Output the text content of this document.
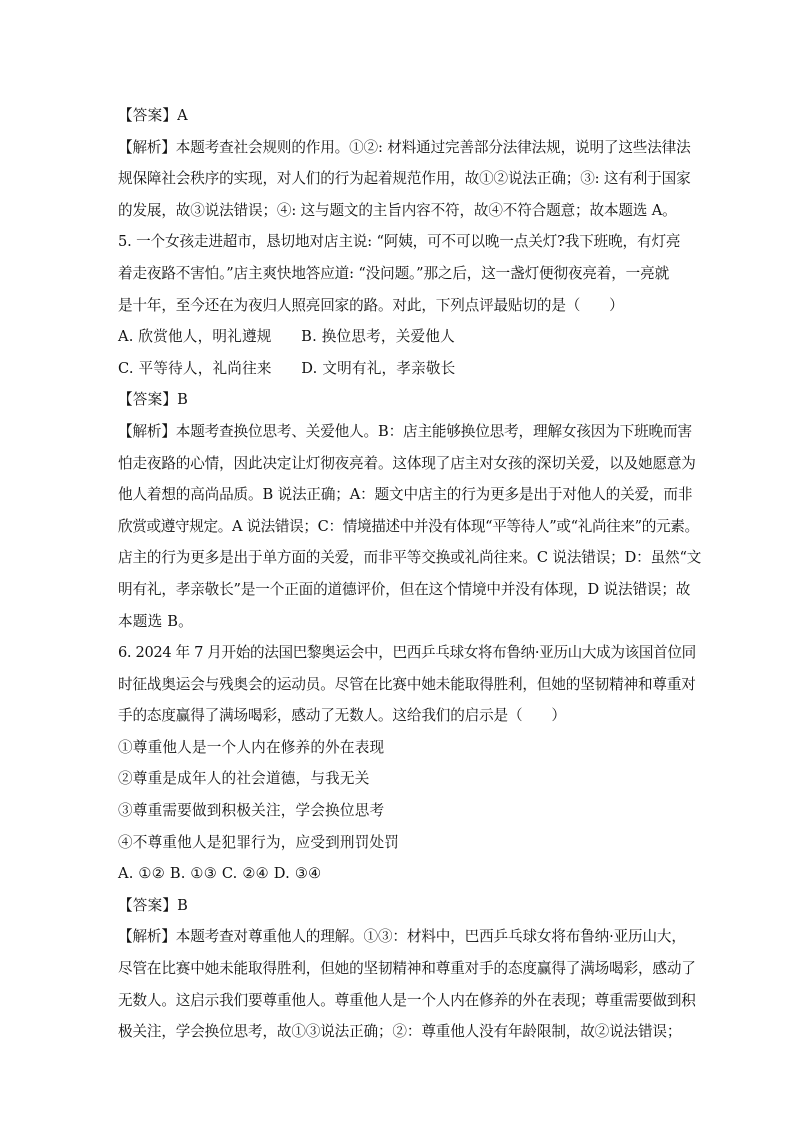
【答案】A
【解析】本题考查社会规则的作用。①②: 材料通过完善部分法律法规，说明了这些法律法
规保障社会秩序的实现，对人们的行为起着规范作用，故①②说法正确；③: 这有利于国家
的发展，故③说法错误；④: 这与题文的主旨内容不符，故④不符合题意；故本题选 A。
5. 一个女孩走进超市，恳切地对店主说: “阿姨，可不可以晚一点关灯?我下班晚，有灯亮
着走夜路不害怕。”店主爽快地答应道: “没问题。”那之后，这一盏灯便彻夜亮着，一亮就
是十年，至今还在为夜归人照亮回家的路。对此，下列点评最贴切的是（　　）
A. 欣赏他人，明礼遵规　　B. 换位思考，关爱他人
C. 平等待人，礼尚往来　　D. 文明有礼，孝亲敬长
【答案】B
【解析】本题考查换位思考、关爱他人。B：店主能够换位思考，理解女孩因为下班晚而害
怕走夜路的心情，因此决定让灯彻夜亮着。这体现了店主对女孩的深切关爱，以及她愿意为
他人着想的高尚品质。B 说法正确；A：题文中店主的行为更多是出于对他人的关爱，而非
欣赏或遵守规定。A 说法错误；C：情境描述中并没有体现“平等待人”或“礼尚往来”的元素。
店主的行为更多是出于单方面的关爱，而非平等交换或礼尚往来。C 说法错误；D：虽然“文
明有礼，孝亲敬长”是一个正面的道德评价，但在这个情境中并没有体现，D 说法错误；故
本题选 B。
6. 2024 年 7 月开始的法国巴黎奥运会中，巴西乒乓球女将布鲁纳·亚历山大成为该国首位同
时征战奥运会与残奥会的运动员。尽管在比赛中她未能取得胜利，但她的坚韧精神和尊重对
手的态度赢得了满场喝彩，感动了无数人。这给我们的启示是（　　）
①尊重他人是一个人内在修养的外在表现
②尊重是成年人的社会道德，与我无关
③尊重需要做到积极关注，学会换位思考
④不尊重他人是犯罪行为，应受到刑罚处罚
A. ①② B. ①③ C. ②④ D. ③④
【答案】B
【解析】本题考查对尊重他人的理解。①③：材料中，巴西乒乓球女将布鲁纳·亚历山大，
尽管在比赛中她未能取得胜利，但她的坚韧精神和尊重对手的态度赢得了满场喝彩，感动了
无数人。这启示我们要尊重他人。尊重他人是一个人内在修养的外在表现；尊重需要做到积
极关注，学会换位思考，故①③说法正确；②：尊重他人没有年龄限制，故②说法错误；
